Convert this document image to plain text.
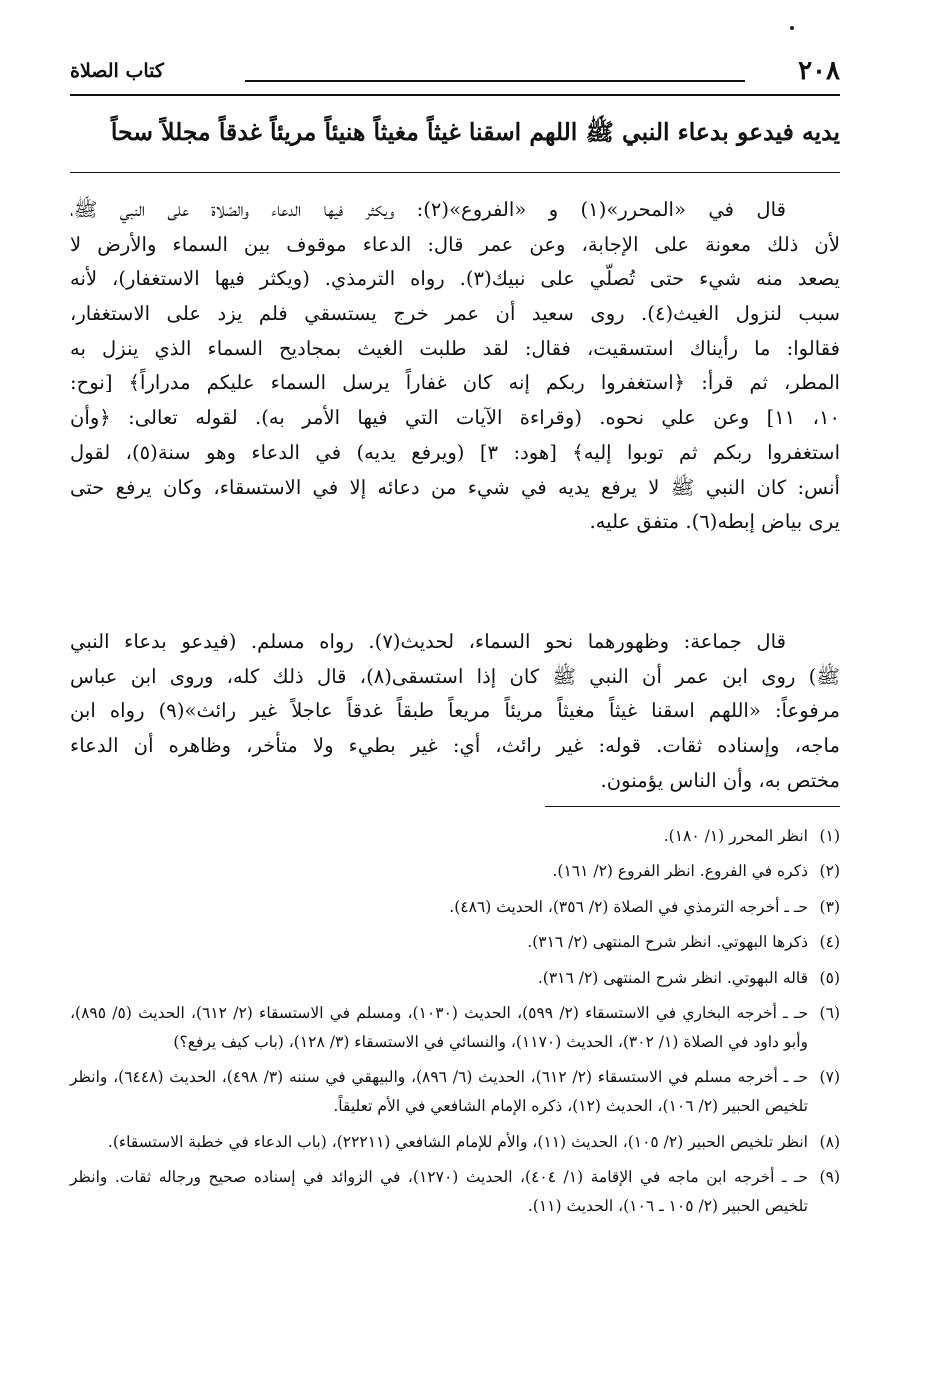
٢٠٨
كتاب الصلاة
يديه فيدعو بدعاء النبي ﷺ اللهم اسقنا غيثاً مغيثاً هنيئاً مريئاً غدقاً مجللاً سحاً
قال في «المحرر»(١) و «الفروع»(٢): ويكثر فيها الدعاء والصّلاة على النبي ﷺ،
لأن ذلك معونة على الإجابة، وعن عمر قال: الدعاء موقوف بين السماء والأرض لا
يصعد منه شيء حتى تُصلّي على نبيك(٣). رواه الترمذي. (ويكثر فيها الاستغفار)، لأنه
سبب لنزول الغيث(٤). روى سعيد أن عمر خرج يستسقي فلم يزد على الاستغفار،
فقالوا: ما رأيناك استسقيت، فقال: لقد طلبت الغيث بمجاديح السماء الذي ينزل به
المطر، ثم قرأ: ﴿استغفروا ربكم إنه كان غفاراً يرسل السماء عليكم مدراراً﴾ [نوح:
١٠، ١١] وعن علي نحوه. (وقراءة الآيات التي فيها الأمر به). لقوله تعالى: ﴿وأن
استغفروا ربكم ثم توبوا إليه﴾ [هود: ٣] (ويرفع يديه) في الدعاء وهو سنة(٥)، لقول
أنس: كان النبي ﷺ لا يرفع يديه في شيء من دعائه إلا في الاستسقاء، وكان يرفع حتى
يرى بياض إبطه(٦). متفق عليه.
قال جماعة: وظهورهما نحو السماء، لحديث(٧). رواه مسلم. (فيدعو بدعاء النبي
ﷺ) روى ابن عمر أن النبي ﷺ كان إذا استسقى(٨)، قال ذلك كله، وروى ابن عباس
مرفوعاً: «اللهم اسقنا غيثاً مغيثاً مريئاً مريعاً طبقاً غدقاً عاجلاً غير رائث»(٩) رواه ابن
ماجه، وإسناده ثقات. قوله: غير رائث، أي: غير بطيء ولا متأخر، وظاهره أن الدعاء
مختص به، وأن الناس يؤمنون.
(١)
انظر المحرر (١/ ١٨٠).
(٢)
ذكره في الفروع. انظر الفروع (٢/ ١٦١).
(٣)
حـ ـ أخرجه الترمذي في الصلاة (٢/ ٣٥٦)، الحديث (٤٨٦).
(٤)
ذكرها البهوتي. انظر شرح المنتهى (٢/ ٣١٦).
(٥)
قاله البهوتي. انظر شرح المنتهى (٢/ ٣١٦).
(٦)
حـ ـ أخرجه البخاري في الاستسقاء (٢/ ٥٩٩)، الحديث (١٠٣٠)، ومسلم في الاستسقاء (٢/ ٦١٢)، الحديث (٥/ ٨٩٥)، وأبو داود في الصلاة (١/ ٣٠٢)، الحديث (١١٧٠)، والنسائي في الاستسقاء (٣/ ١٢٨)، (باب كيف يرفع؟)
(٧)
حـ ـ أخرجه مسلم في الاستسقاء (٢/ ٦١٢)، الحديث (٦/ ٨٩٦)، والبيهقي في سننه (٣/ ٤٩٨)، الحديث (٦٤٤٨)، وانظر تلخيص الحبير (٢/ ١٠٦)، الحديث (١٢)، ذكره الإمام الشافعي في الأم تعليقاً.
(٨)
انظر تلخيص الحبير (٢/ ١٠٥)، الحديث (١١)، والأم للإمام الشافعي (٢٢٢١١)، (باب الدعاء في خطبة الاستسقاء).
(٩)
حـ ـ أخرجه ابن ماجه في الإقامة (١/ ٤٠٤)، الحديث (١٢٧٠)، في الزوائد في إسناده صحيح ورجاله ثقات. وانظر تلخيص الحبير (٢/ ١٠٥ ـ ١٠٦)، الحديث (١١).
